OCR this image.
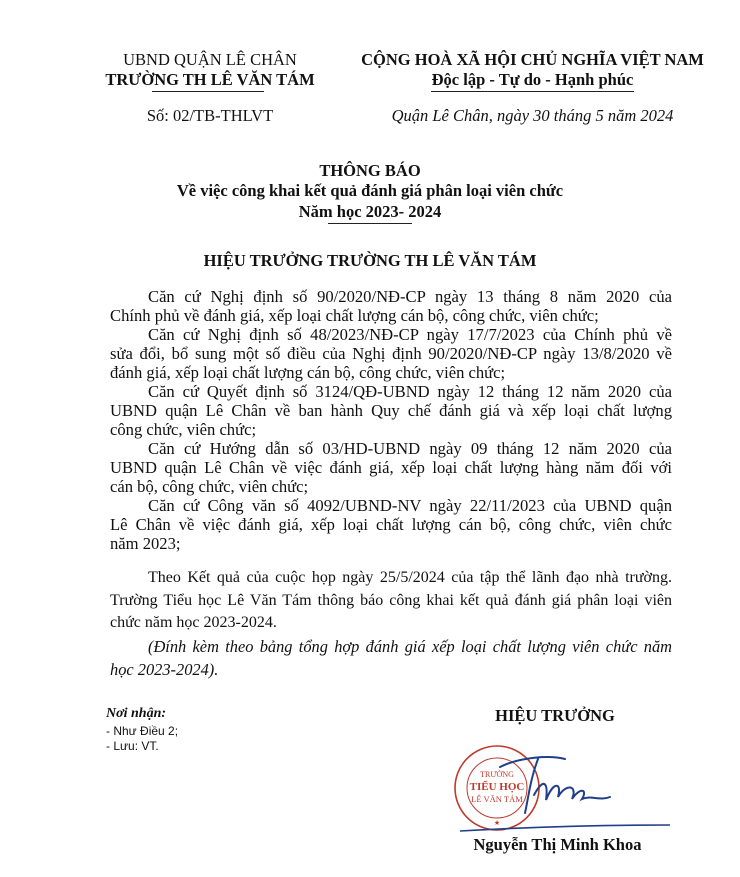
UBND QUẬN LÊ CHÂN
TRƯỜNG TH LÊ VĂN TÁM
CỘNG HOÀ XÃ HỘI CHỦ NGHĨA VIỆT NAM
Độc lập - Tự do - Hạnh phúc
Số: 02/TB-THLVT	Quận Lê Chân, ngày 30 tháng 5 năm 2024
THÔNG BÁO
Về việc công khai kết quả đánh giá phân loại viên chức
Năm học 2023- 2024
HIỆU TRƯỞNG TRƯỜNG TH LÊ VĂN TÁM
Căn cứ Nghị định số 90/2020/NĐ-CP ngày 13 tháng 8 năm 2020 của
Chính phủ về đánh giá, xếp loại chất lượng cán bộ, công chức, viên chức;
Căn cứ Nghị định số 48/2023/NĐ-CP ngày 17/7/2023 của Chính phủ về
sửa đổi, bổ sung một số điều của Nghị định 90/2020/NĐ-CP ngày 13/8/2020 về
đánh giá, xếp loại chất lượng cán bộ, công chức, viên chức;
Căn cứ Quyết định số 3124/QĐ-UBND ngày 12 tháng 12 năm 2020 của
UBND quận Lê Chân về ban hành Quy chế đánh giá và xếp loại chất lượng
công chức, viên chức;
Căn cứ Hướng dẫn số 03/HD-UBND ngày 09 tháng 12 năm 2020 của
UBND quận Lê Chân về việc đánh giá, xếp loại chất lượng hàng năm đối với
cán bộ, công chức, viên chức;
Căn cứ Công văn số 4092/UBND-NV ngày 22/11/2023 của UBND quận
Lê Chân về việc đánh giá, xếp loại chất lượng cán bộ, công chức, viên chức
năm 2023;
Theo Kết quả của cuộc họp ngày 25/5/2024 của tập thể lãnh đạo nhà trường.
Trường Tiểu học Lê Văn Tám thông báo công khai kết quả đánh giá phân loại viên
chức năm học 2023-2024.
(Đính kèm theo bảng tổng hợp đánh giá xếp loại chất lượng viên chức năm
học 2023-2024).
Nơi nhận:
- Như Điều 2;
- Lưu: VT.
HIỆU TRƯỞNG
TRƯỜNG
TIỂU HỌC
LÊ VĂN TÁM
★
Nguyễn Thị Minh Khoa
